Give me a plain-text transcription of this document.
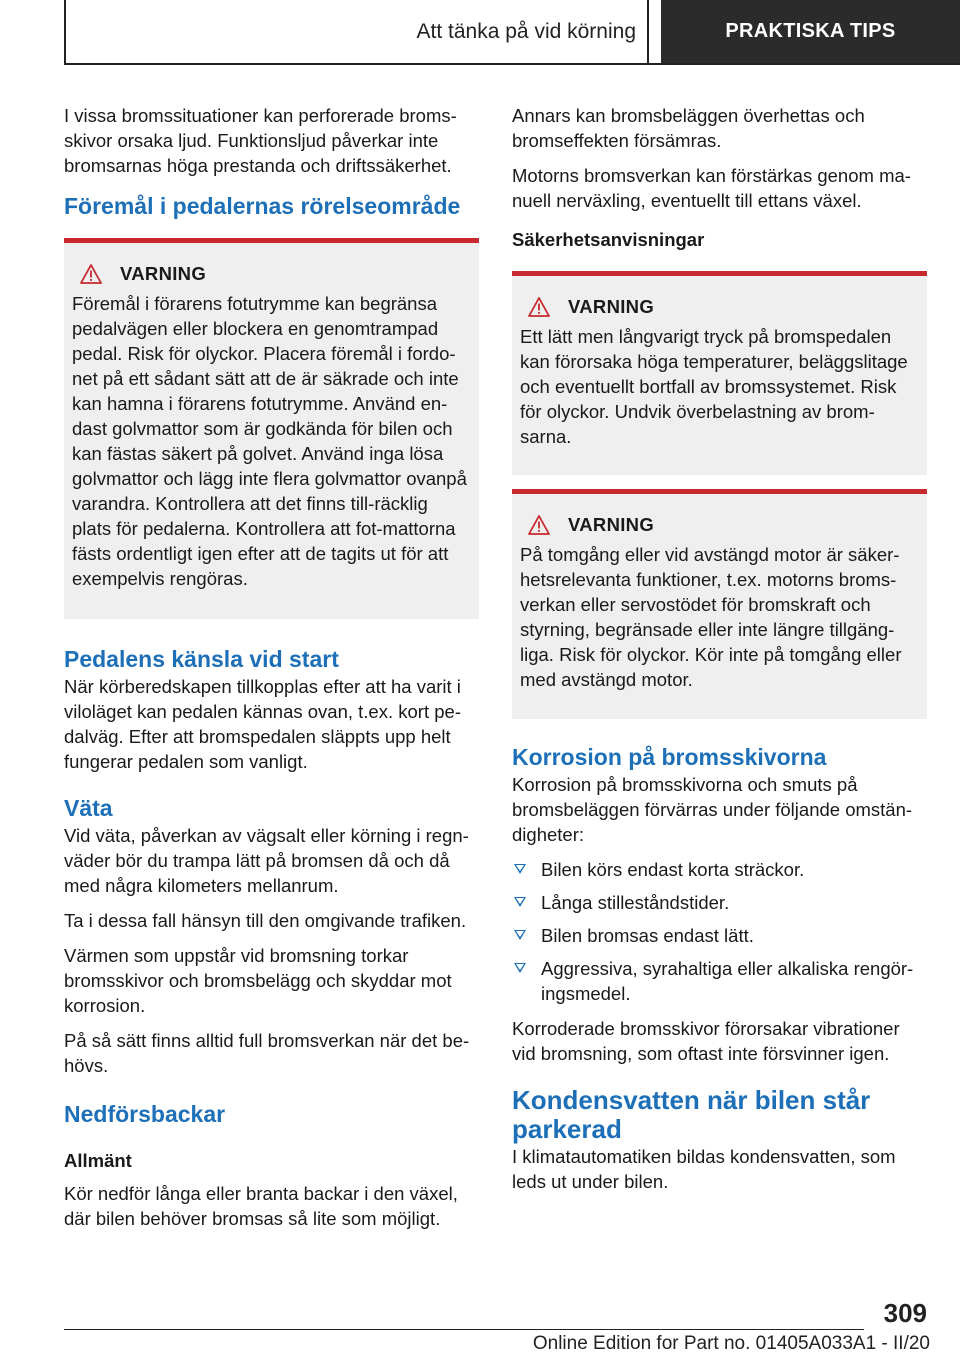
Att tänka på vid körning	PRAKTISKA TIPS

I vissa bromssituationer kan perforerade broms-skivor orsaka ljud. Funktionsljud påverkar inte bromsarnas höga prestanda och driftssäkerhet.

Föremål i pedalernas rörelseområde
VARNING

Föremål i förarens fotutrymme kan begränsa pedalvägen eller blockera en genomtrampad pedal. Risk för olyckor. Placera föremål i fordo-net på ett sådant sätt att de är säkrade och inte kan hamna i förarens fotutrymme. Använd en-dast golvmattor som är godkända för bilen och kan fästas säkert på golvet. Använd inga lösa golvmattor och lägg inte flera golvmattor ovanpå varandra. Kontrollera att det finns till-räcklig plats för pedalerna. Kontrollera att fot-mattorna fästs ordentligt igen efter att de tagits ut för att exempelvis rengöras.

Pedalens känsla vid start

När körberedskapen tillkopplas efter att ha varit i viloläget kan pedalen kännas ovan, t.ex. kort pe-dalväg. Efter att bromspedalen släppts upp helt fungerar pedalen som vanligt.

Väta

Vid väta, påverkan av vägsalt eller körning i regn-väder bör du trampa lätt på bromsen då och då med några kilometers mellanrum.

Ta i dessa fall hänsyn till den omgivande trafiken.

Värmen som uppstår vid bromsning torkar bromsskivor och bromsbelägg och skyddar mot korrosion.

På så sätt finns alltid full bromsverkan när det be-hövs.

Nedförsbackar
Allmänt

Kör nedför långa eller branta backar i den växel, där bilen behöver bromsas så lite som möjligt.

Annars kan bromsbeläggen överhettas och bromseffekten försämras.

Motorns bromsverkan kan förstärkas genom ma-nuell nerväxling, eventuellt till ettans växel.

Säkerhetsanvisningar
VARNING

Ett lätt men långvarigt tryck på bromspedalen kan förorsaka höga temperaturer, beläggslitage och eventuellt bortfall av bromssystemet. Risk för olyckor. Undvik överbelastning av brom-sarna.

VARNING

På tomgång eller vid avstängd motor är säker-hetsrelevanta funktioner, t.ex. motorns broms-verkan eller servostödet för bromskraft och styrning, begränsade eller inte längre tillgäng-liga. Risk för olyckor. Kör inte på tomgång eller med avstängd motor.

Korrosion på bromsskivorna

Korrosion på bromsskivorna och smuts på bromsbeläggen förvärras under följande omstän-digheter:

Bilen körs endast korta sträckor.
Långa stilleståndstider.
Bilen bromsas endast lätt.
Aggressiva, syrahaltiga eller alkaliska rengör-ingsmedel.

Korroderade bromsskivor förorsakar vibrationer vid bromsning, som oftast inte försvinner igen.

Kondensvatten när bilen står parkerad

I klimatautomatiken bildas kondensvatten, som leds ut under bilen.

309
Online Edition for Part no. 01405A033A1 - II/20
